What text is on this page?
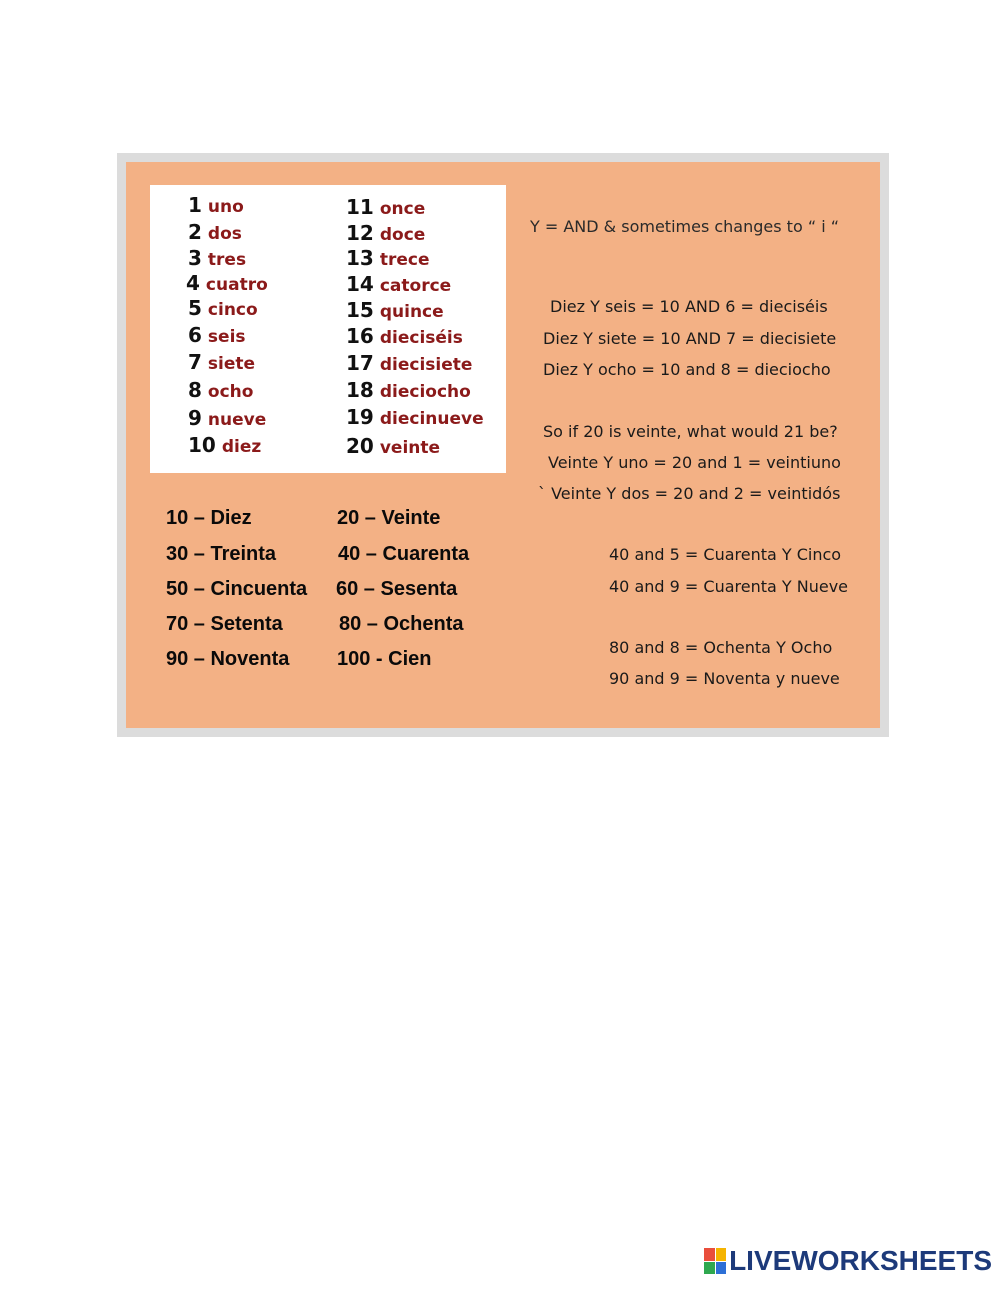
1 uno
2 dos
3 tres
4 cuatro
5 cinco
6 seis
7 siete
8 ocho
9 nueve
10 diez
11 once
12 doce
13 trece
14 catorce
15 quince
16 dieciséis
17 diecisiete
18 dieciocho
19 diecinueve
20 veinte
10 – Diez
30 – Treinta
50 – Cincuenta
70 – Setenta
90 – Noventa
20 – Veinte
40 – Cuarenta
60 – Sesenta
80 – Ochenta
100 - Cien
Y = AND & sometimes changes to “ i “
Diez Y seis = 10 AND 6 = dieciséis
Diez Y siete = 10 AND 7 = diecisiete
Diez Y ocho = 10 and 8 = dieciocho
So if 20 is veinte, what would 21 be?
Veinte Y uno = 20 and 1 = veintiuno
` Veinte Y dos = 20 and 2 = veintidós
40 and 5 = Cuarenta Y Cinco
40 and 9 = Cuarenta Y Nueve
80 and 8 = Ochenta Y Ocho
90 and 9 = Noventa y nueve
LIVEWORKSHEETS
